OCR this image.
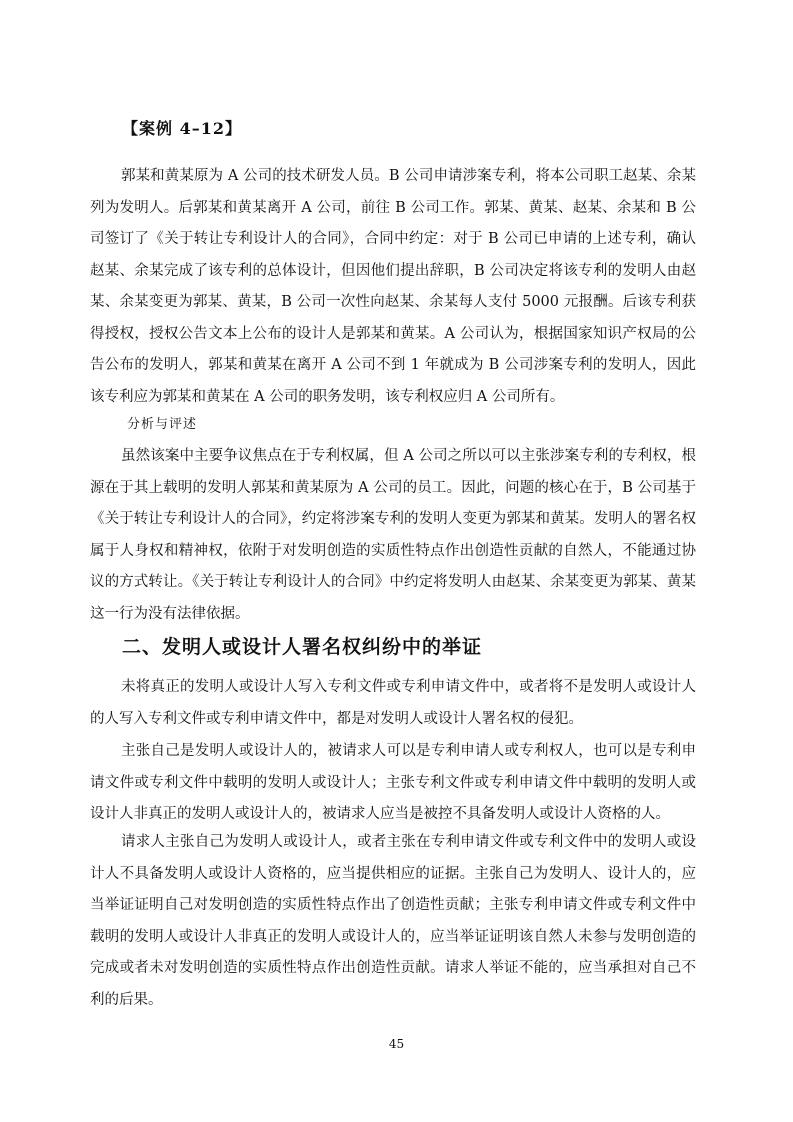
【案例 4–12】

郭某和黄某原为 A 公司的技术研发人员。B 公司申请涉案专利，将本公司职工赵某、余某列为发明人。后郭某和黄某离开 A 公司，前往 B 公司工作。郭某、黄某、赵某、余某和 B 公司签订了《关于转让专利设计人的合同》，合同中约定：对于 B 公司已申请的上述专利，确认赵某、余某完成了该专利的总体设计，但因他们提出辞职，B 公司决定将该专利的发明人由赵某、余某变更为郭某、黄某，B 公司一次性向赵某、余某每人支付 5000 元报酬。后该专利获得授权，授权公告文本上公布的设计人是郭某和黄某。A 公司认为，根据国家知识产权局的公告公布的发明人，郭某和黄某在离开 A 公司不到 1 年就成为 B 公司涉案专利的发明人，因此该专利应为郭某和黄某在 A 公司的职务发明，该专利权应归 A 公司所有。

分析与评述

虽然该案中主要争议焦点在于专利权属，但 A 公司之所以可以主张涉案专利的专利权，根源在于其上载明的发明人郭某和黄某原为 A 公司的员工。因此，问题的核心在于，B 公司基于《关于转让专利设计人的合同》，约定将涉案专利的发明人变更为郭某和黄某。发明人的署名权属于人身权和精神权，依附于对发明创造的实质性特点作出创造性贡献的自然人，不能通过协议的方式转让。《关于转让专利设计人的合同》中约定将发明人由赵某、余某变更为郭某、黄某这一行为没有法律依据。

二、发明人或设计人署名权纠纷中的举证

未将真正的发明人或设计人写入专利文件或专利申请文件中，或者将不是发明人或设计人的人写入专利文件或专利申请文件中，都是对发明人或设计人署名权的侵犯。

主张自己是发明人或设计人的，被请求人可以是专利申请人或专利权人，也可以是专利申请文件或专利文件中载明的发明人或设计人；主张专利文件或专利申请文件中载明的发明人或设计人非真正的发明人或设计人的，被请求人应当是被控不具备发明人或设计人资格的人。

请求人主张自己为发明人或设计人，或者主张在专利申请文件或专利文件中的发明人或设计人不具备发明人或设计人资格的，应当提供相应的证据。主张自己为发明人、设计人的，应当举证证明自己对发明创造的实质性特点作出了创造性贡献；主张专利申请文件或专利文件中载明的发明人或设计人非真正的发明人或设计人的，应当举证证明该自然人未参与发明创造的完成或者未对发明创造的实质性特点作出创造性贡献。请求人举证不能的，应当承担对自己不利的后果。

45
